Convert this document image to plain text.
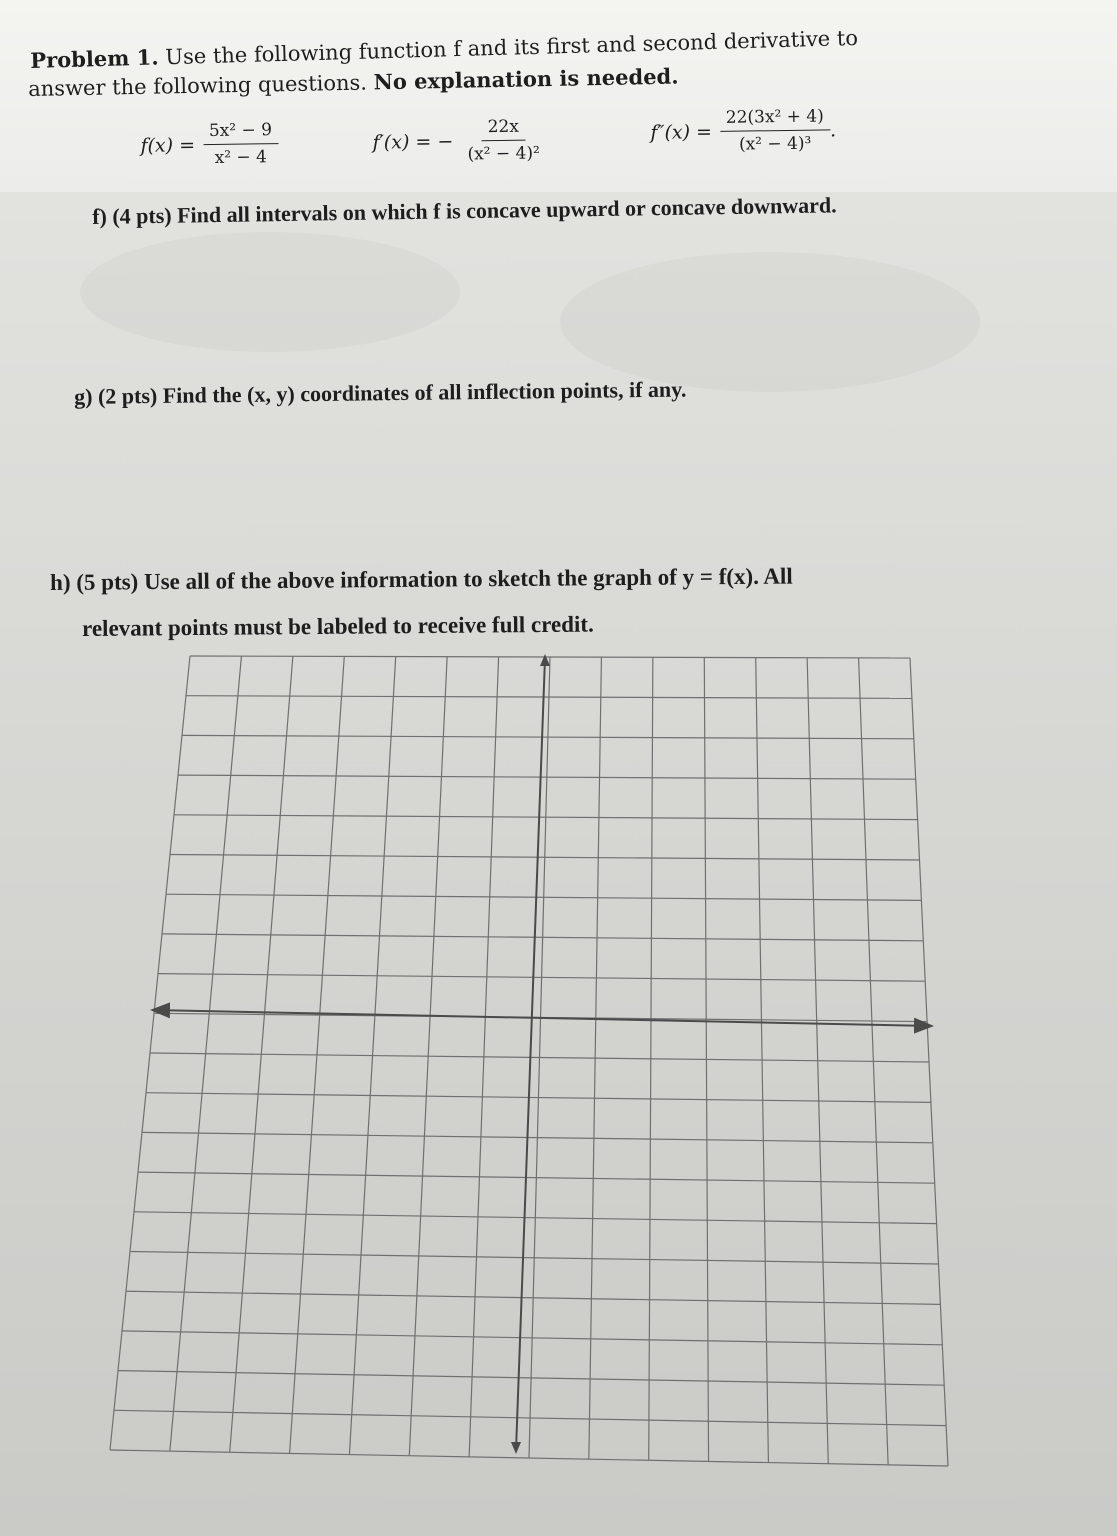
Problem 1. Use the following function f and its first and second derivative to
answer the following questions. No explanation is needed.
$f(x) = \frac{\text{5x² − 9}}{\text{x² − 4}}$	f′(x) = − $\frac{22x}{\text{(x² − 4)²}}$	$f''(x) = \frac{\text{22(3x² + 4)}}{\text{(x² − 4)³}}$ .
f) (4 pts) Find all intervals on which f is concave upward or concave downward.
g) (2 pts) Find the (x, y) coordinates of all inflection points, if any.
h) (5 pts) Use all of the above information to sketch the graph of y = f(x). All
relevant points must be labeled to receive full credit.
